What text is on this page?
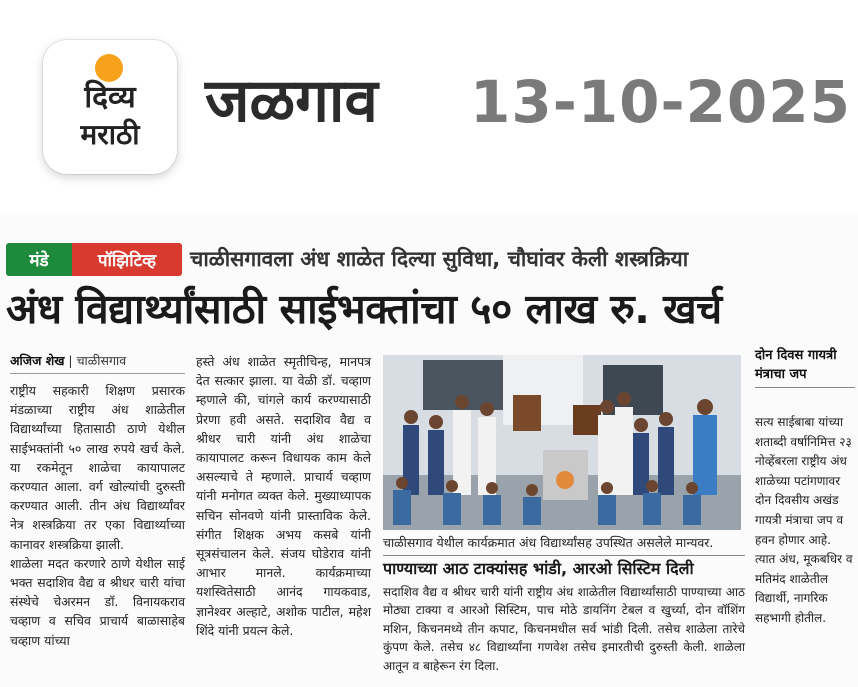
दिव्य
मराठी	जळगाव 13-10-2025
मंडे	पॉझिटिव्ह	चाळीसगावला अंध शाळेत दिल्या सुविधा, चौघांवर केली शस्त्रक्रिया
अंध विद्यार्थ्यांसाठी साईभक्तांचा ५० लाख रु. खर्च
अजिज शेख | चाळीसगाव

राष्ट्रीय सहकारी शिक्षण प्रसारक मंडळाच्या राष्ट्रीय अंध शाळेतील विद्यार्थ्यांच्या हितासाठी ठाणे येथील साईभक्तांनी ५० लाख रुपये खर्च केले. या रकमेतून शाळेचा कायापालट करण्यात आला. वर्ग खोल्यांची दुरुस्ती करण्यात आली. तीन अंध विद्यार्थ्यांवर नेत्र शस्त्रक्रिया तर एका विद्यार्थ्याच्या कानावर शस्त्रक्रिया झाली.

शाळेला मदत करणारे ठाणे येथील साई भक्त सदाशिव वैद्य व श्रीधर चारी यांचा संस्थेचे चेअरमन डॉ. विनायकराव चव्हाण व सचिव प्राचार्य बाळासाहेब चव्हाण यांच्या

हस्ते अंध शाळेत स्मृतीचिन्ह, मानपत्र देत सत्कार झाला. या वेळी डॉ. चव्हाण म्हणाले की, चांगले कार्य करण्यासाठी प्रेरणा हवी असते. सदाशिव वैद्य व श्रीधर चारी यांनी अंध शाळेचा कायापालट करून विधायक काम केले असल्याचे ते म्हणाले. प्राचार्य चव्हाण यांनी मनोगत व्यक्त केले. मुख्याध्यापक सचिन सोनवणे यांनी प्रास्ताविक केले. संगीत शिक्षक अभय कसबे यांनी सूत्रसंचालन केले. संजय घोडेराव यांनी आभार मानले. कार्यक्रमाच्या यशस्वितेसाठी आनंद गायकवाड, ज्ञानेश्वर अल्हाटे, अशोक पाटील, महेश शिंदे यांनी प्रयत्न केले.

चाळीसगाव येथील कार्यक्रमात अंध विद्यार्थ्यांसह उपस्थित असलेले मान्यवर.
पाण्याच्या आठ टाक्यांसह भांडी, आरओ सिस्टिम दिली

सदाशिव वैद्य व श्रीधर चारी यांनी राष्ट्रीय अंध शाळेतील विद्यार्थ्यांसाठी पाण्याच्या आठ मोठ्या टाक्या व आरओ सिस्टिम, पाच मोठे डायनिंग टेबल व खुर्च्या, दोन वॉशिंग मशिन, किचनमध्ये तीन कपाट, किचनमधील सर्व भांडी दिली. तसेच शाळेला तारेचे कुंपण केले. तसेच ४८ विद्यार्थ्यांना गणवेश तसेच इमारतीची दुरुस्ती केली. शाळेला आतून व बाहेरून रंग दिला.

दोन दिवस गायत्री मंत्राचा जप

सत्य साईबाबा यांच्या शताब्दी वर्षानिमित्त २३ नोव्हेंबरला राष्ट्रीय अंध शाळेच्या पटांगणावर दोन दिवसीय अखंड गायत्री मंत्राचा जप व हवन होणार आहे. त्यात अंध, मूकबधिर व मतिमंद शाळेतील विद्यार्थी, नागरिक सहभागी होतील.
